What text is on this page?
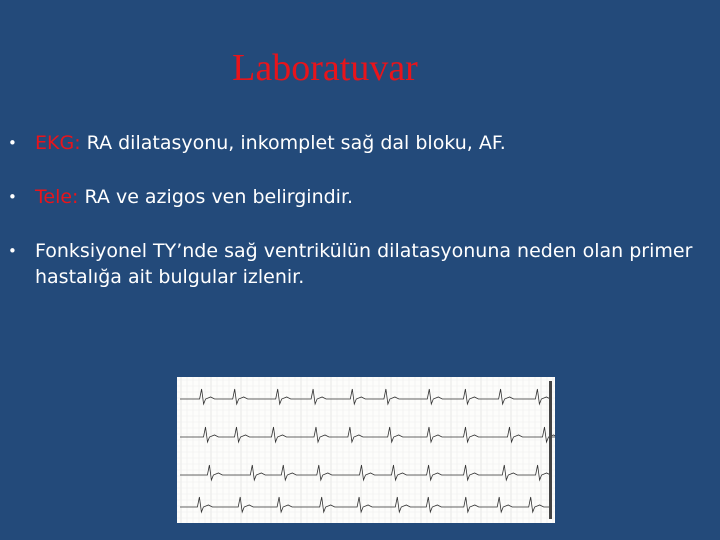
Laboratuvar
• EKG: RA dilatasyonu, inkomplet sağ dal bloku, AF.
• Tele: RA ve azigos ven belirgindir.
• Fonksiyonel TY’nde sağ ventrikülün dilatasyonuna neden olan primer hastalığa ait bulgular izlenir.
